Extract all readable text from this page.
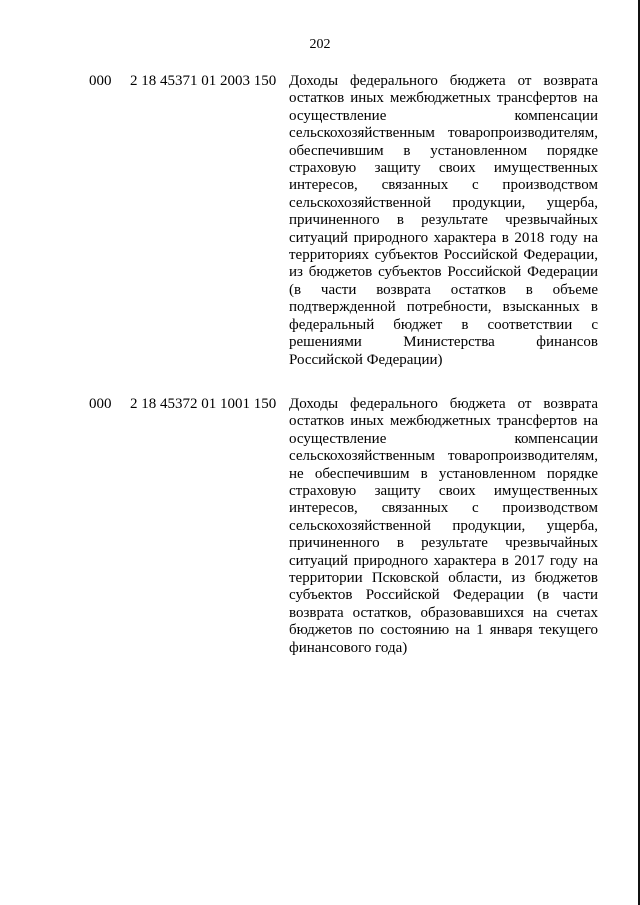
202
000 2 18 45371 01 2003 150 Доходы федерального бюджета от возврата остатков иных межбюджетных трансфертов на осуществление компенсации сельскохозяйственным товаропроизводителям, обеспечившим в установленном порядке страховую защиту своих имущественных интересов, связанных с производством сельскохозяйственной продукции, ущерба, причиненного в результате чрезвычайных ситуаций природного характера в 2018 году на территориях субъектов Российской Федерации, из бюджетов субъектов Российской Федерации (в части возврата остатков в объеме подтвержденной потребности, взысканных в федеральный бюджет в соответствии с решениями Министерства финансов Российской Федерации)
000 2 18 45372 01 1001 150 Доходы федерального бюджета от возврата остатков иных межбюджетных трансфертов на осуществление компенсации сельскохозяйственным товаропроизводителям, не обеспечившим в установленном порядке страховую защиту своих имущественных интересов, связанных с производством сельскохозяйственной продукции, ущерба, причиненного в результате чрезвычайных ситуаций природного характера в 2017 году на территории Псковской области, из бюджетов субъектов Российской Федерации (в части возврата остатков, образовавшихся на счетах бюджетов по состоянию на 1 января текущего финансового года)
